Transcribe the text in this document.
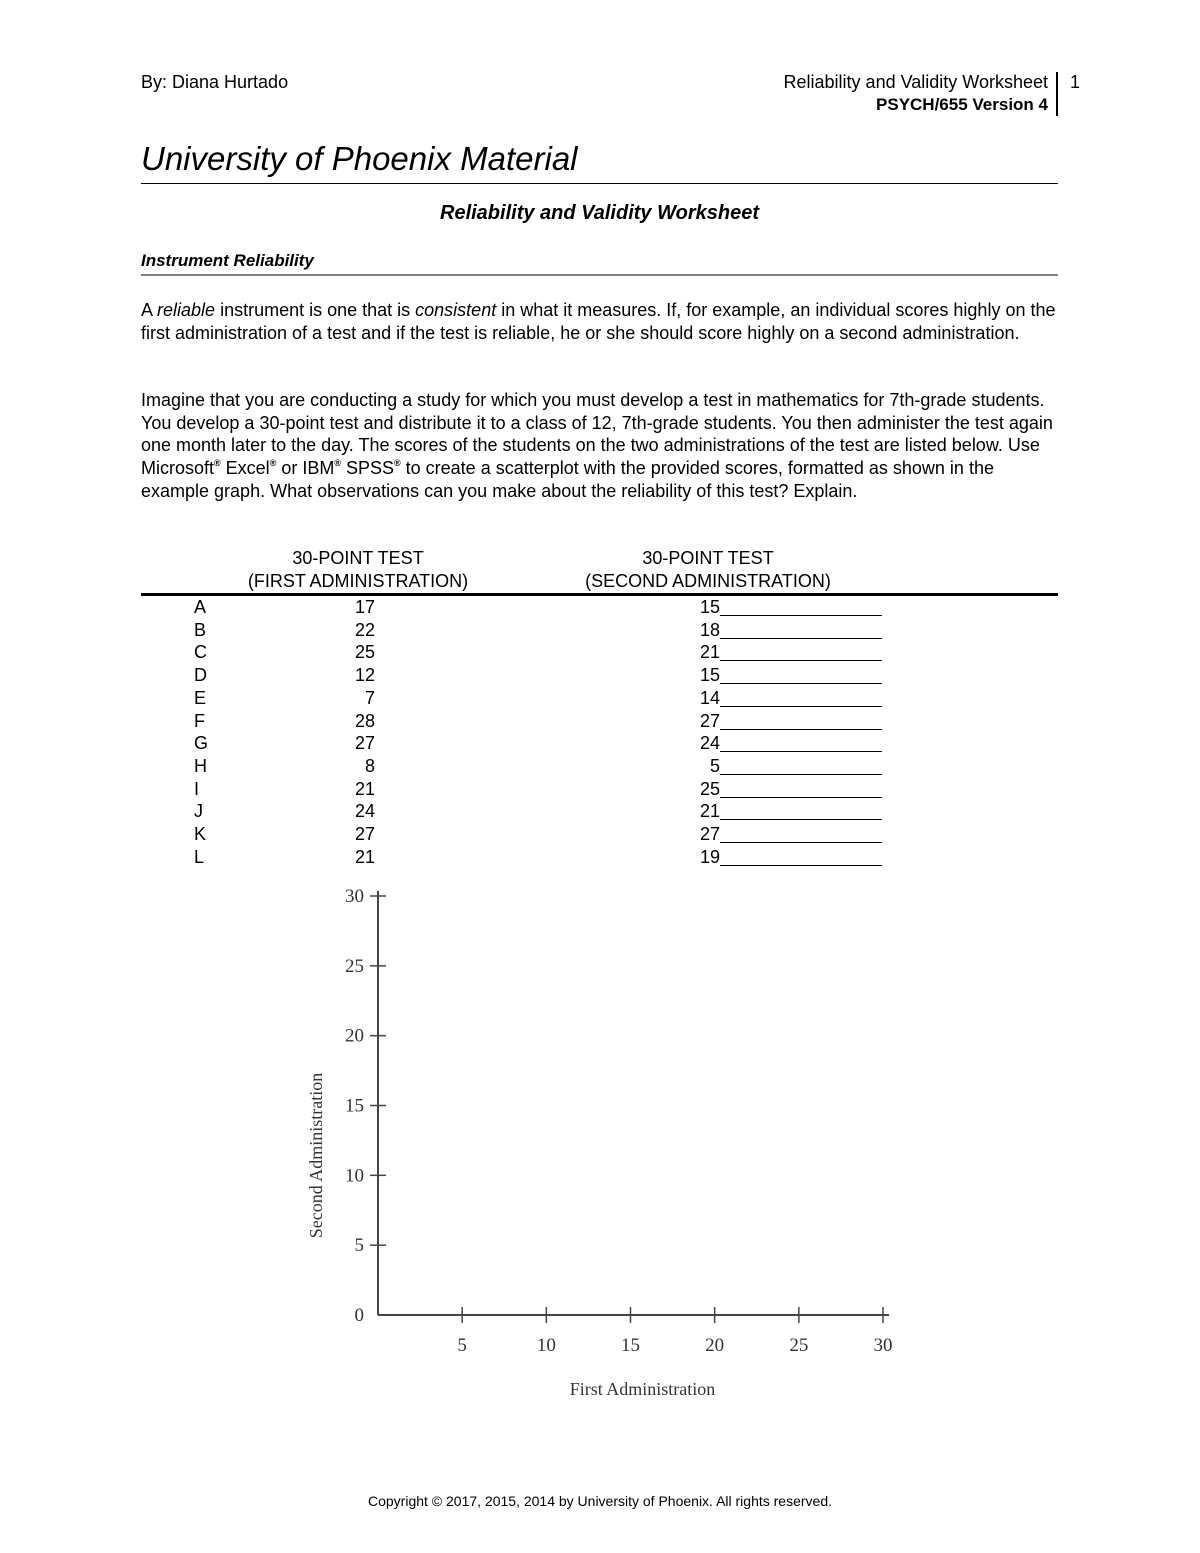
By: Diana Hurtado	Reliability and Validity Worksheet 1
PSYCH/655 Version 4
University of Phoenix Material
Reliability and Validity Worksheet
Instrument Reliability
A reliable instrument is one that is consistent in what it measures. If, for example, an individual scores highly on the first administration of a test and if the test is reliable, he or she should score highly on a second administration.
Imagine that you are conducting a study for which you must develop a test in mathematics for 7th-grade students. You develop a 30-point test and distribute it to a class of 12, 7th-grade students. You then administer the test again one month later to the day. The scores of the students on the two administrations of the test are listed below. Use Microsoft® Excel® or IBM® SPSS® to create a scatterplot with the provided scores, formatted as shown in the example graph. What observations can you make about the reliability of this test? Explain.
30-POINT TEST
(FIRST ADMINISTRATION)
30-POINT TEST
(SECOND ADMINISTRATION)
A	17	15
B	22	18
C	25	21
D	12	15
E	7	14
F	28	27
G	27	24
H	8	5
I	21	25
J	24	21
K	27	27
L	21	19
0
5
10
15
20
25
30
5	10	15	20	25	30
First Administration
Second Administration
Copyright © 2017, 2015, 2014 by University of Phoenix. All rights reserved.
